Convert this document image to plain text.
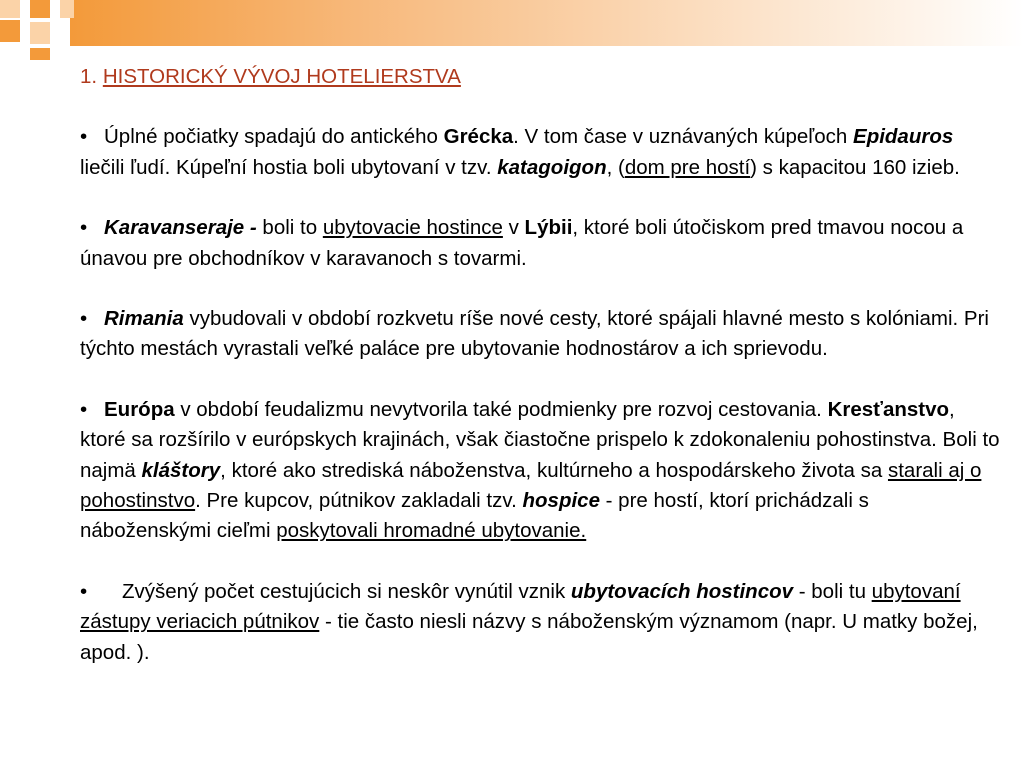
1. HISTORICKÝ VÝVOJ HOTELIERSTVA
• Úplné počiatky spadajú do antického Grécka. V tom čase v uznávaných kúpeľoch Epidauros liečili ľudí. Kúpeľní hostia boli ubytovaní v tzv. katagoigon, (dom pre hostí) s kapacitou 160 izieb.
• Karavanseraje - boli to ubytovacie hostince v Lýbii, ktoré boli útočiskom pred tmavou nocou a únavou pre obchodníkov v karavanoch s tovarmi.
• Rimania vybudovali v období rozkvetu ríše nové cesty, ktoré spájali hlavné mesto s kolóniami. Pri týchto mestách vyrastali veľké paláce pre ubytovanie hodnostárov a ich sprievodu.
• Európa v období feudalizmu nevytvorila také podmienky pre rozvoj cestovania. Kresťanstvo, ktoré sa rozšírilo v európskych krajinách, však čiastočne prispelo k zdokonaleniu pohostinstva. Boli to najmä kláštory, ktoré ako strediská náboženstva, kultúrneho a hospodárskeho života sa starali aj o pohostinstvo. Pre kupcov, pútnikov zakladali tzv. hospice - pre hostí, ktorí prichádzali s náboženskými cieľmi poskytovali hromadné ubytovanie.
• Zvýšený počet cestujúcich si neskôr vynútil vznik ubytovacích hostincov - boli tu ubytovaní zástupy veriacich pútnikov - tie často niesli názvy s náboženským významom (napr. U matky božej, apod. ).
